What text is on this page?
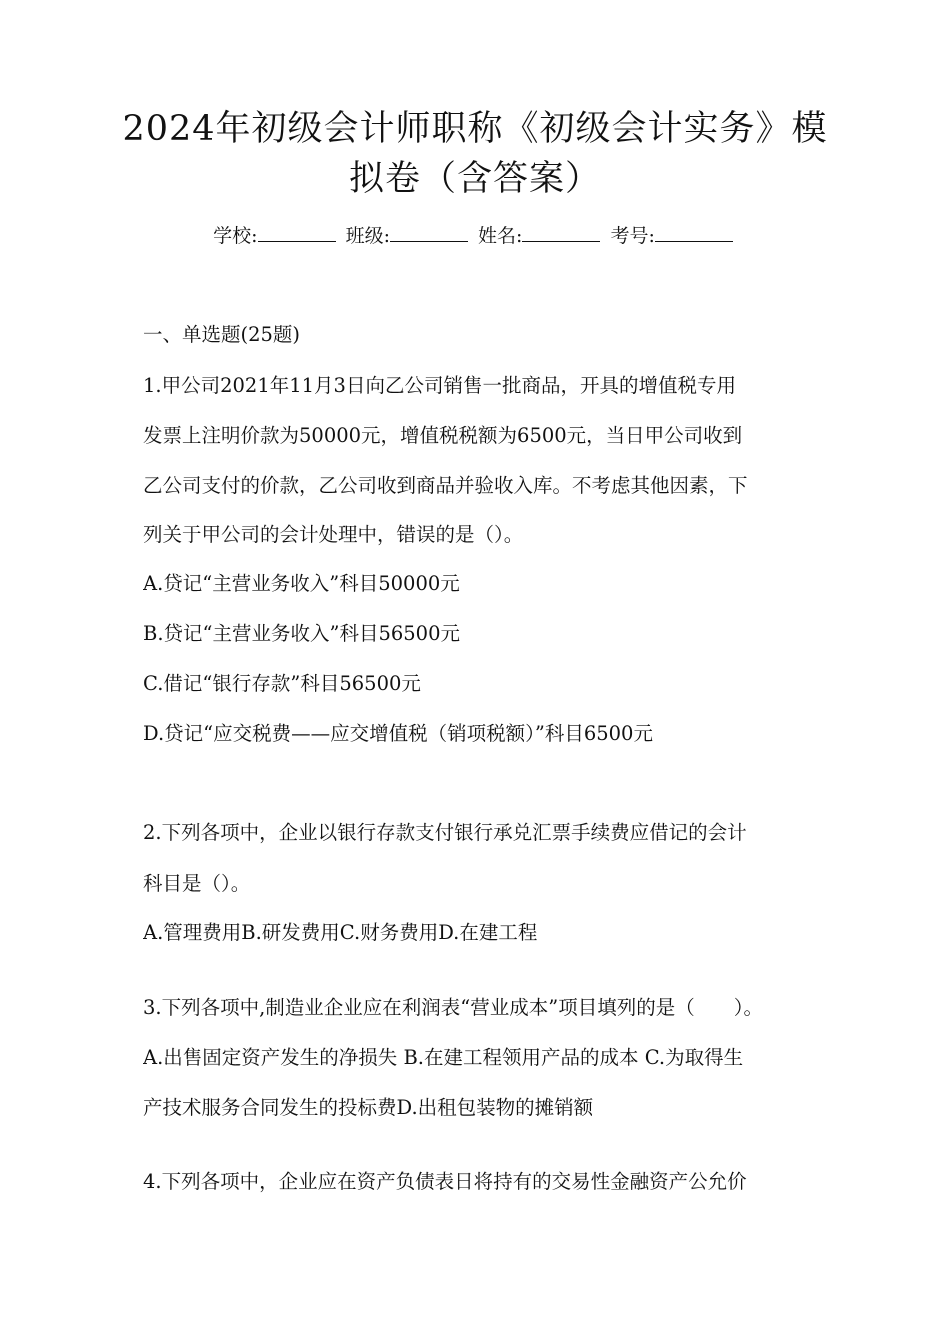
2024年初级会计师职称《初级会计实务》模
拟卷（含答案）
学校:	班级:	姓名:	考号:
一、单选题(25题)
1.甲公司2021年11月3日向乙公司销售一批商品，开具的增值税专用
发票上注明价款为50000元，增值税税额为6500元，当日甲公司收到
乙公司支付的价款，乙公司收到商品并验收入库。不考虑其他因素，下
列关于甲公司的会计处理中，错误的是（）。
A.贷记“主营业务收入”科目50000元
B.贷记“主营业务收入”科目56500元
C.借记“银行存款”科目56500元
D.贷记“应交税费——应交增值税（销项税额）”科目6500元
2.下列各项中，企业以银行存款支付银行承兑汇票手续费应借记的会计
科目是（）。
A.管理费用B.研发费用C.财务费用D.在建工程
3.下列各项中,制造业企业应在利润表“营业成本”项目填列的是（　　）。
A.出售固定资产发生的净损失 B.在建工程领用产品的成本 C.为取得生
产技术服务合同发生的投标费D.出租包装物的摊销额
4.下列各项中，企业应在资产负债表日将持有的交易性金融资产公允价
